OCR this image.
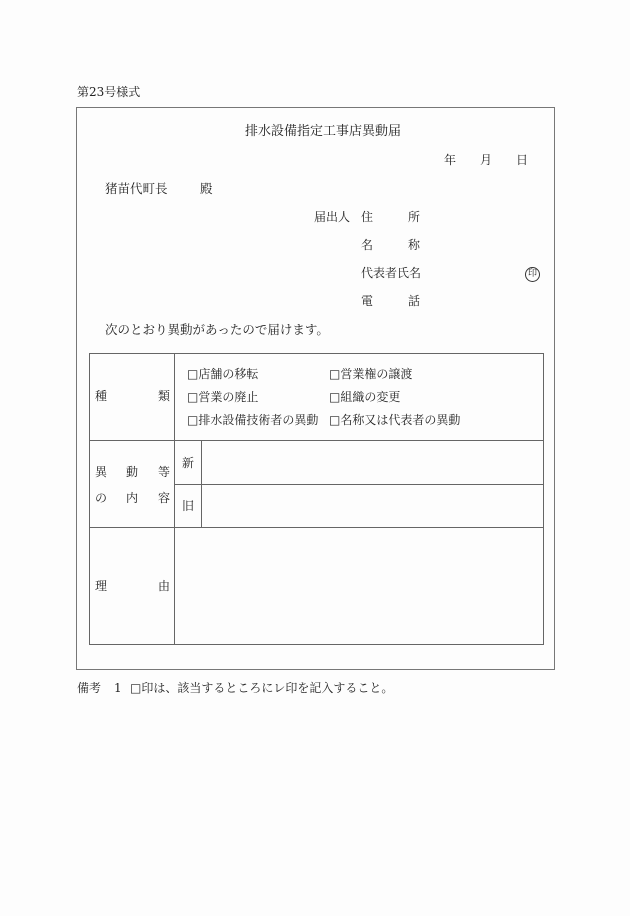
第23号様式
排水設備指定工事店異動届
年 月 日
猪苗代町長	殿
届出人 住	所
名	称
代表者氏名	印
電	話
次のとおり異動があったので届けます。
種	類
□店舗の移転	□営業権の譲渡
□営業の廃止	□組織の変更
□排水設備技術者の異動 □名称又は代表者の異動
異 動 等
の 内 容
新
旧
理	由
備考 1 □印は、該当するところにレ印を記入すること。
